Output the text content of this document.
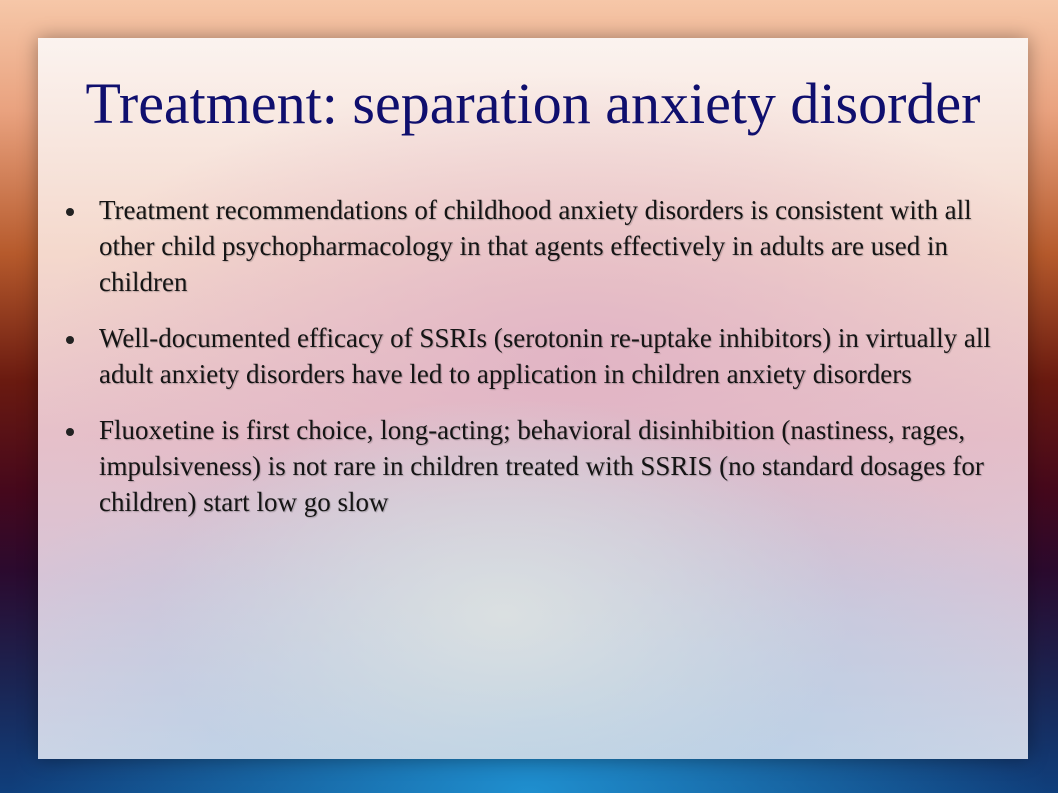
Treatment: separation anxiety disorder
Treatment recommendations of childhood anxiety disorders is consistent with all other child psychopharmacology in that agents effectively in adults are used in children
Well-documented efficacy of SSRIs (serotonin re-uptake inhibitors) in virtually all adult anxiety disorders have led to application in children anxiety disorders
Fluoxetine is first choice, long-acting; behavioral disinhibition (nastiness, rages, impulsiveness) is not rare in children treated with SSRIS (no standard dosages for children) start low go slow
